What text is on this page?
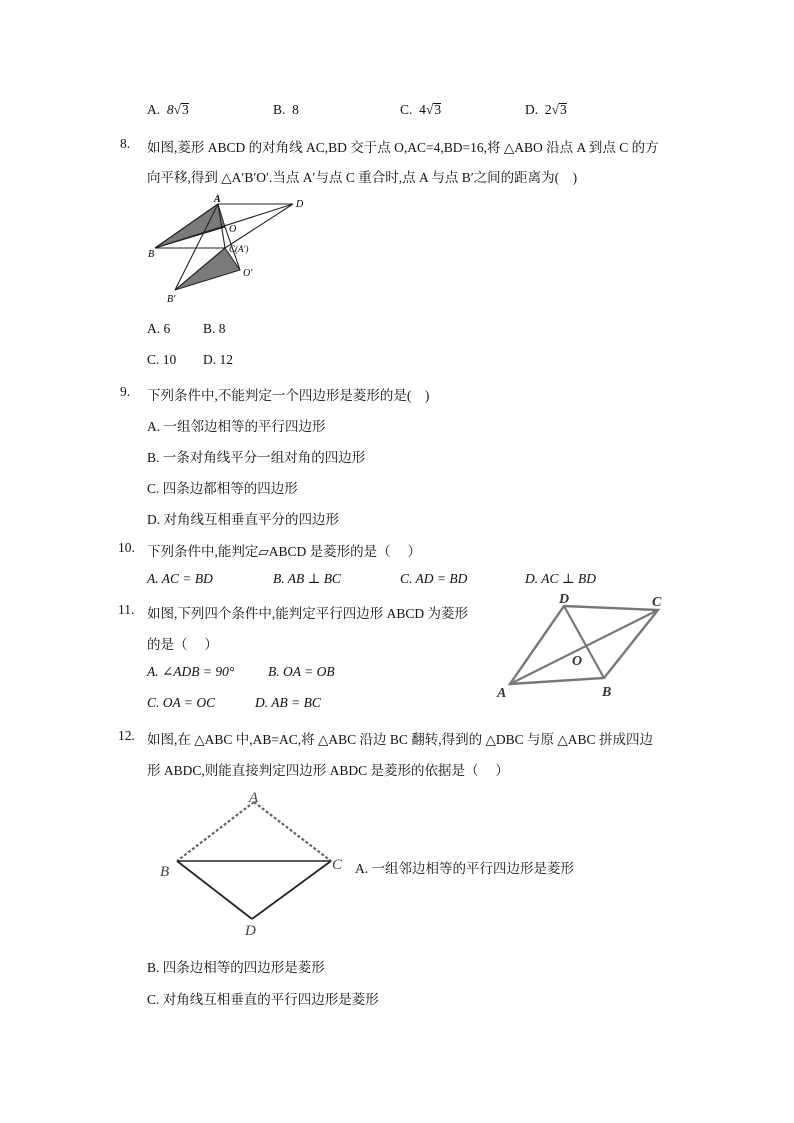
A. 8√3	B. 8	C. 4√3	D. 2√3
8. 如图,菱形 ABCD 的对角线 AC,BD 交于点 O,AC=4,BD=16,将 △ABO 沿点 A 到点 C 的方
向平移,得到 △A′B′O′.当点 A′与点 C 重合时,点 A 与点 B′之间的距离为(　)
A	D
O
B	C(A′)
O′
B′
A. 6 B. 8
C. 10 D. 12
9. 下列条件中,不能判定一个四边形是菱形的是(　)
A. 一组邻边相等的平行四边形
B. 一条对角线平分一组对角的四边形
C. 四条边都相等的四边形
D. 对角线互相垂直平分的四边形
10. 下列条件中,能判定▱ABCD 是菱形的是（　 ）
A. AC = BD	B. AB ⊥ BC	C. AD = BD	D. AC ⊥ BD
11. 如图,下列四个条件中,能判定平行四边形 ABCD 为菱形
的是（　 ）
A. ∠ADB = 90° B. OA = OB
C. OA = OC	D. AB = BC
D	C
O
A	B
12. 如图,在 △ABC 中,AB=AC,将 △ABC 沿边 BC 翻转,得到的 △DBC 与原 △ABC 拼成四边
形 ABDC,则能直接判定四边形 ABDC 是菱形的依据是（　 ）
A
B	C
D
A. 一组邻边相等的平行四边形是菱形
B. 四条边相等的四边形是菱形
C. 对角线互相垂直的平行四边形是菱形
